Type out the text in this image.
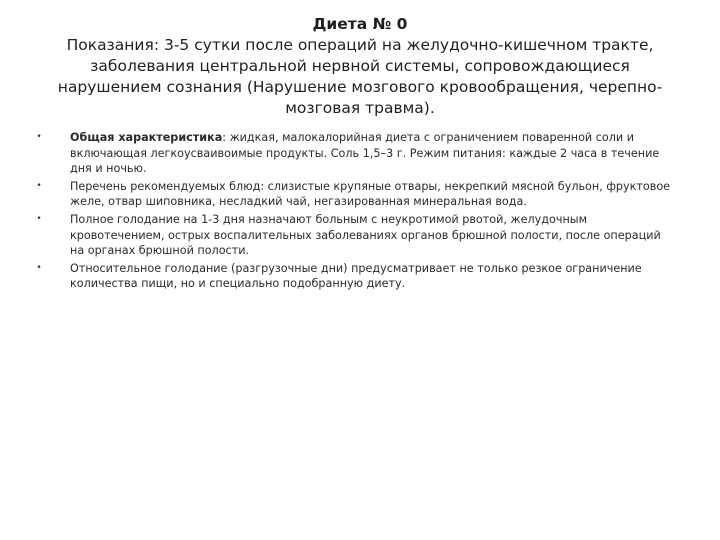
Диета № 0
Показания: 3-5 сутки после операций на желудочно-кишечном тракте, заболевания центральной нервной системы, сопровождающиеся нарушением сознания (Нарушение мозгового кровообращения, черепно-мозговая травма).
•	Общая характеристика: жидкая, малокалорийная диета с ограничением поваренной соли и включающая легкоусваивоимые продукты. Соль 1,5–3 г. Режим питания: каждые 2 часа в течение дня и ночью.
•	Перечень рекомендуемых блюд: слизистые крупяные отвары, некрепкий мясной бульон, фруктовое желе, отвар шиповника, несладкий чай, негазированная минеральная вода.
•	Полное голодание на 1-3 дня назначают больным с неукротимой рвотой, желудочным кровотечением, острых воспалительных заболеваниях органов брюшной полости, после операций на органах брюшной полости.
•	Относительное голодание (разгрузочные дни) предусматривает не только резкое ограничение количества пищи, но и специально подобранную диету.
